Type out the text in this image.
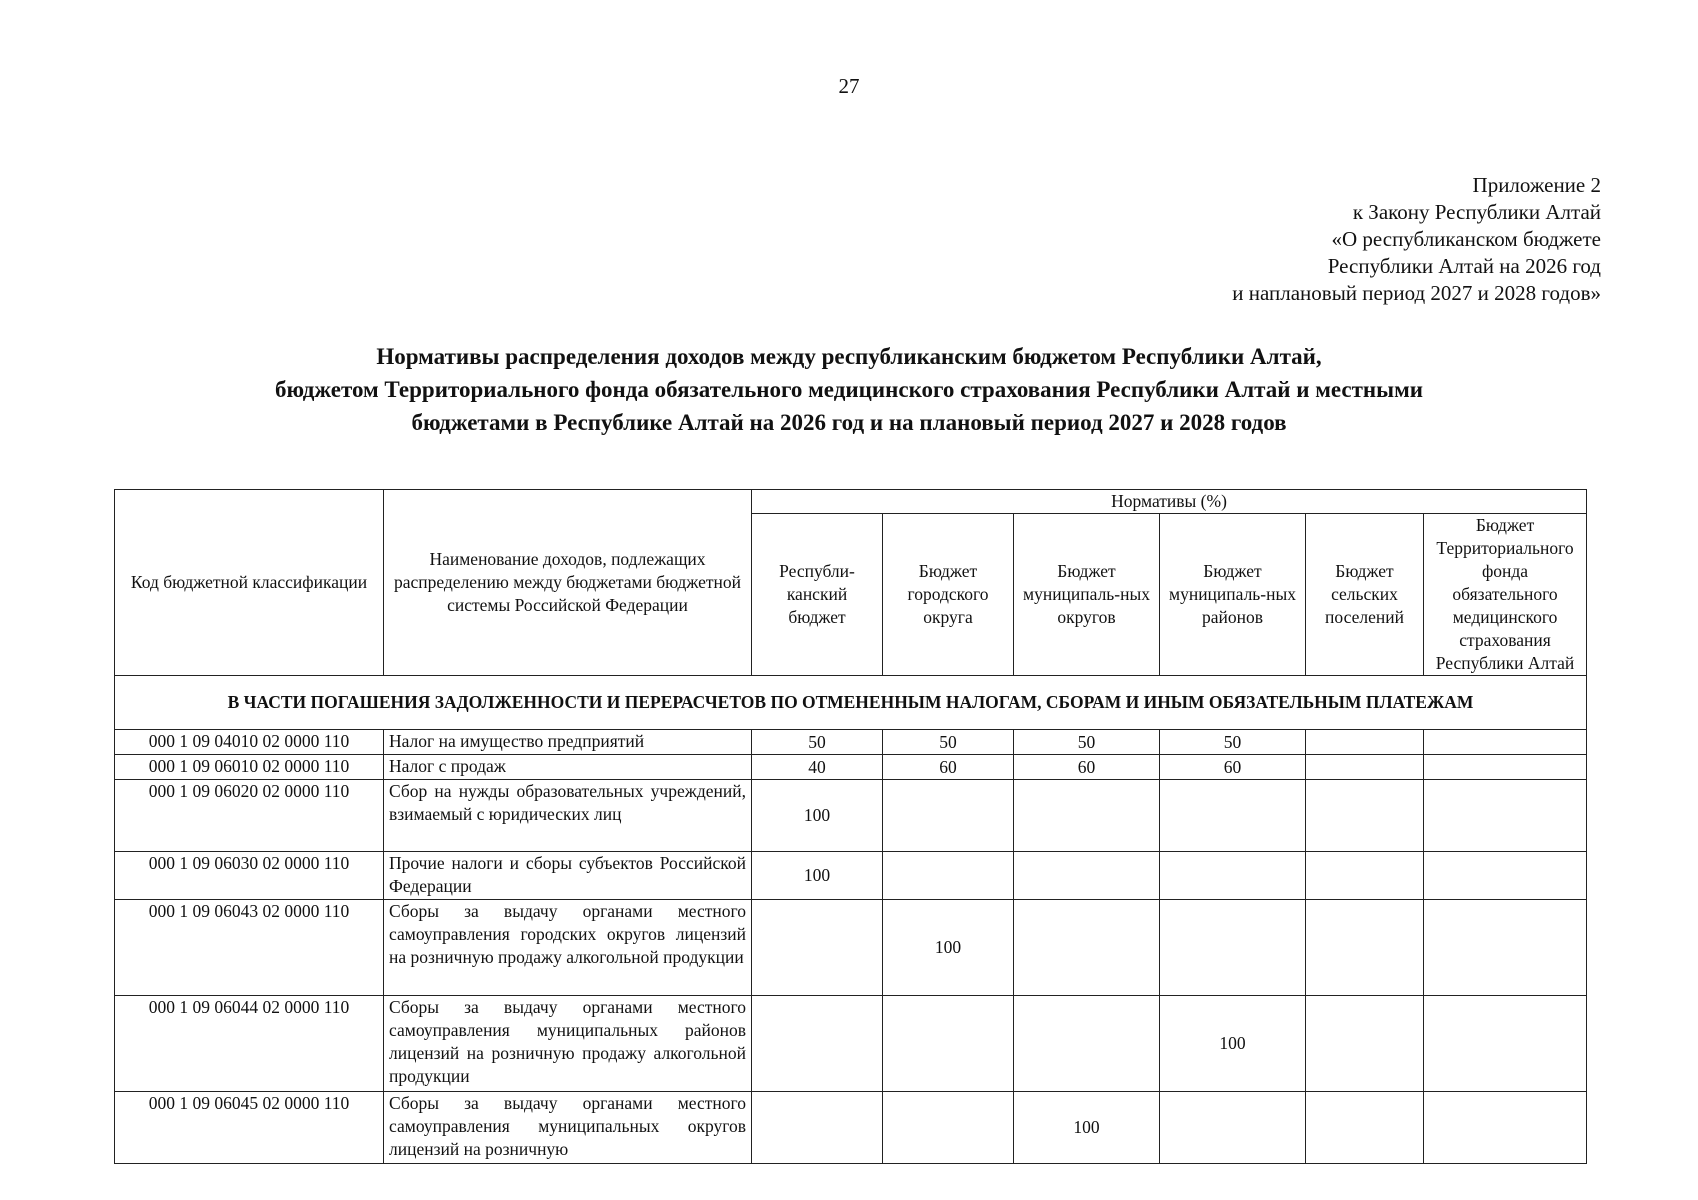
27
Приложение 2
к Закону Республики Алтай
«О республиканском бюджете
Республики Алтай на 2026 год
и наплановый период 2027 и 2028 годов»
Нормативы распределения доходов между республиканским бюджетом Республики Алтай,
бюджетом Территориального фонда обязательного медицинского страхования Республики Алтай и местными
бюджетами в Республике Алтай на 2026 год и на плановый период 2027 и 2028 годов
Код бюджетной классификации	Наименование доходов, подлежащих распределению между бюджетами бюджетной системы Российской Федерации	Нормативы (%)					
		Республи-канский бюджет	Бюджет городского округа	Бюджет муниципаль-ных округов	Бюджет муниципаль-ных районов	Бюджет сельских поселений	Бюджет Территориального фонда обязательного медицинского страхования Республики Алтай
В ЧАСТИ ПОГАШЕНИЯ ЗАДОЛЖЕННОСТИ И ПЕРЕРАСЧЕТОВ ПО ОТМЕНЕННЫМ НАЛОГАМ, СБОРАМ И ИНЫМ ОБЯЗАТЕЛЬНЫМ ПЛАТЕЖАМ							
000 1 09 04010 02 0000 110	Налог на имущество предприятий	50	50	50	50		
000 1 09 06010 02 0000 110	Налог с продаж	40	60	60	60		
000 1 09 06020 02 0000 110	Сбор на нужды образовательных учреждений, взимаемый с юридических лиц	100					
000 1 09 06030 02 0000 110	Прочие налоги и сборы субъектов Российской Федерации	100					
000 1 09 06043 02 0000 110	Сборы за выдачу органами местного самоуправления городских округов лицензий на розничную продажу алкогольной продукции		100				
000 1 09 06044 02 0000 110	Сборы за выдачу органами местного самоуправления муниципальных районов лицензий на розничную продажу алкогольной продукции				100		
000 1 09 06045 02 0000 110	Сборы за выдачу органами местного самоуправления муниципальных округов лицензий на розничную			100			
